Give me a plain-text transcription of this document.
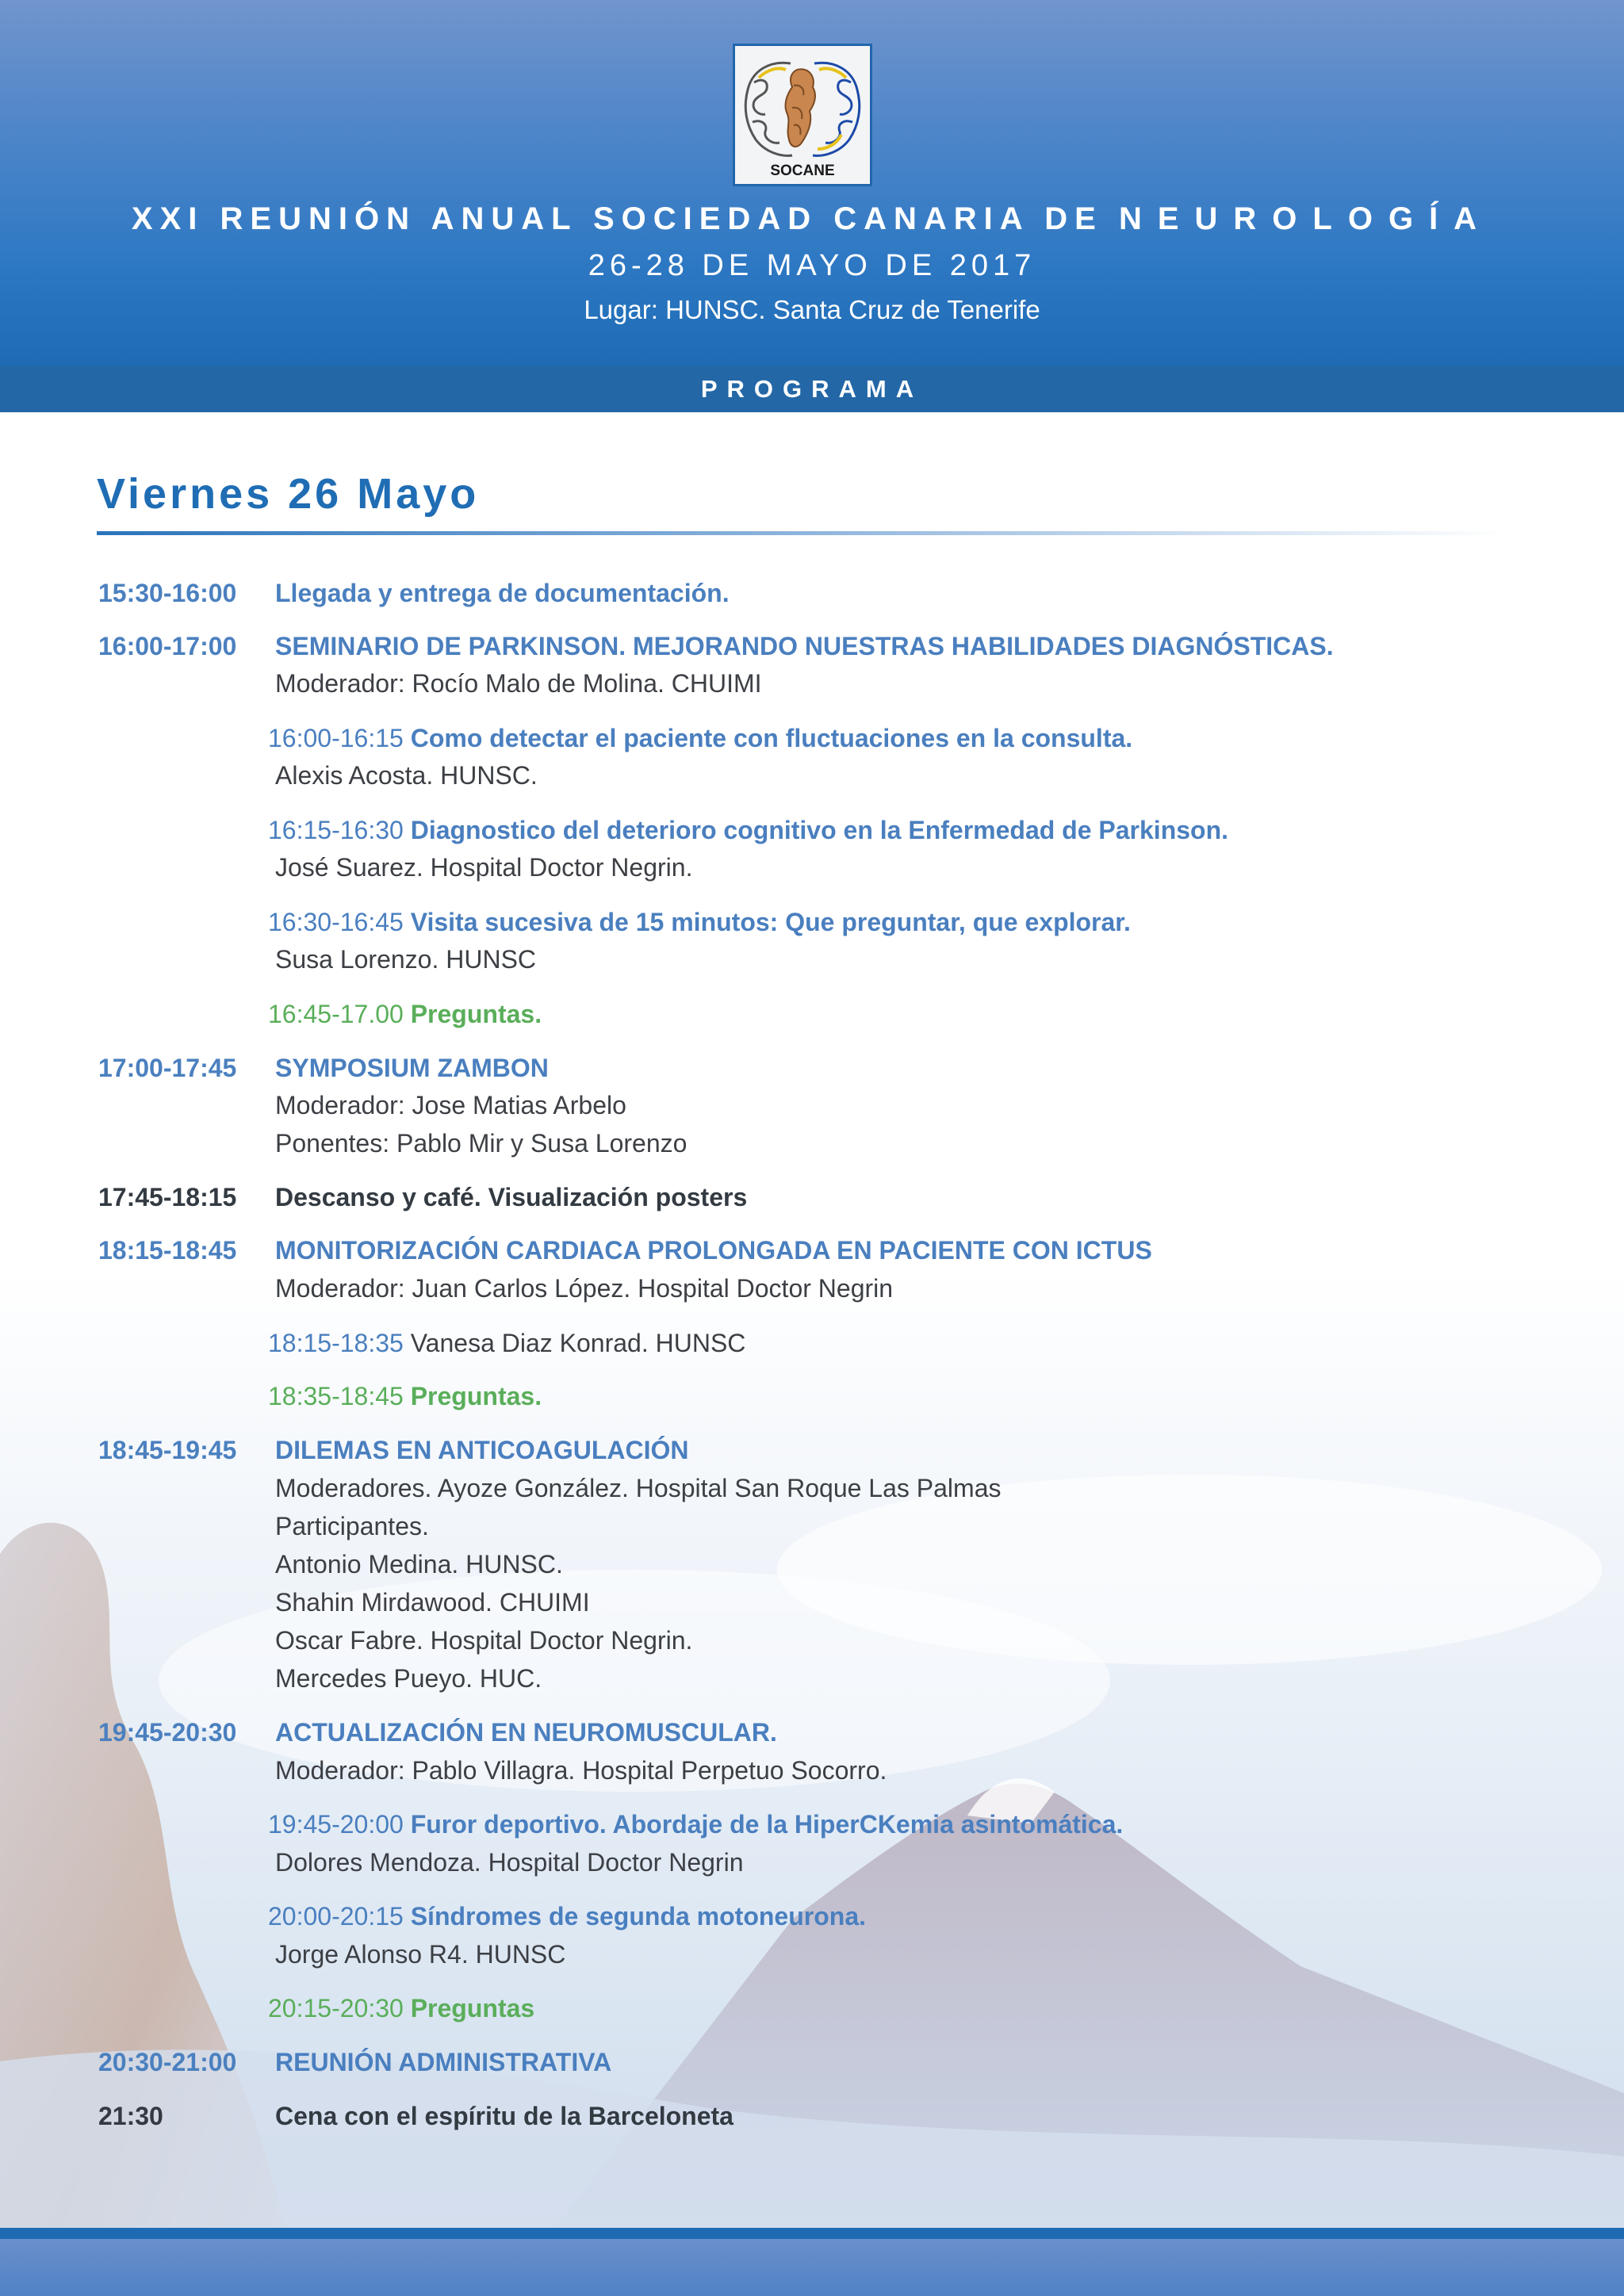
SOCANE
XXI REUNIÓN ANUAL SOCIEDAD CANARIA DE NEUROLOGÍA
26-28 DE MAYO DE 2017
Lugar: HUNSC. Santa Cruz de Tenerife
PROGRAMA
Viernes 26 Mayo
15:30-16:00 Llegada y entrega de documentación.
16:00-17:00 SEMINARIO DE PARKINSON. MEJORANDO NUESTRAS HABILIDADES DIAGNÓSTICAS.
Moderador: Rocío Malo de Molina. CHUIMI
16:00-16:15 Como detectar el paciente con fluctuaciones en la consulta.
Alexis Acosta. HUNSC.
16:15-16:30 Diagnostico del deterioro cognitivo en la Enfermedad de Parkinson.
José Suarez. Hospital Doctor Negrin.
16:30-16:45 Visita sucesiva de 15 minutos: Que preguntar, que explorar.
Susa Lorenzo. HUNSC
16:45-17.00 Preguntas.
17:00-17:45 SYMPOSIUM ZAMBON
Moderador: Jose Matias Arbelo
Ponentes: Pablo Mir y Susa Lorenzo
17:45-18:15 Descanso y café. Visualización posters
18:15-18:45 MONITORIZACIÓN CARDIACA PROLONGADA EN PACIENTE CON ICTUS
Moderador: Juan Carlos López. Hospital Doctor Negrin
18:15-18:35 Vanesa Diaz Konrad. HUNSC
18:35-18:45 Preguntas.
18:45-19:45 DILEMAS EN ANTICOAGULACIÓN
Moderadores. Ayoze González. Hospital San Roque Las Palmas
Participantes.
Antonio Medina. HUNSC.
Shahin Mirdawood. CHUIMI
Oscar Fabre. Hospital Doctor Negrin.
Mercedes Pueyo. HUC.
19:45-20:30 ACTUALIZACIÓN EN NEUROMUSCULAR.
Moderador: Pablo Villagra. Hospital Perpetuo Socorro.
19:45-20:00 Furor deportivo. Abordaje de la HiperCKemia asintomática.
Dolores Mendoza. Hospital Doctor Negrin
20:00-20:15 Síndromes de segunda motoneurona.
Jorge Alonso R4. HUNSC
20:15-20:30 Preguntas
20:30-21:00 REUNIÓN ADMINISTRATIVA
21:30	Cena con el espíritu de la Barceloneta
